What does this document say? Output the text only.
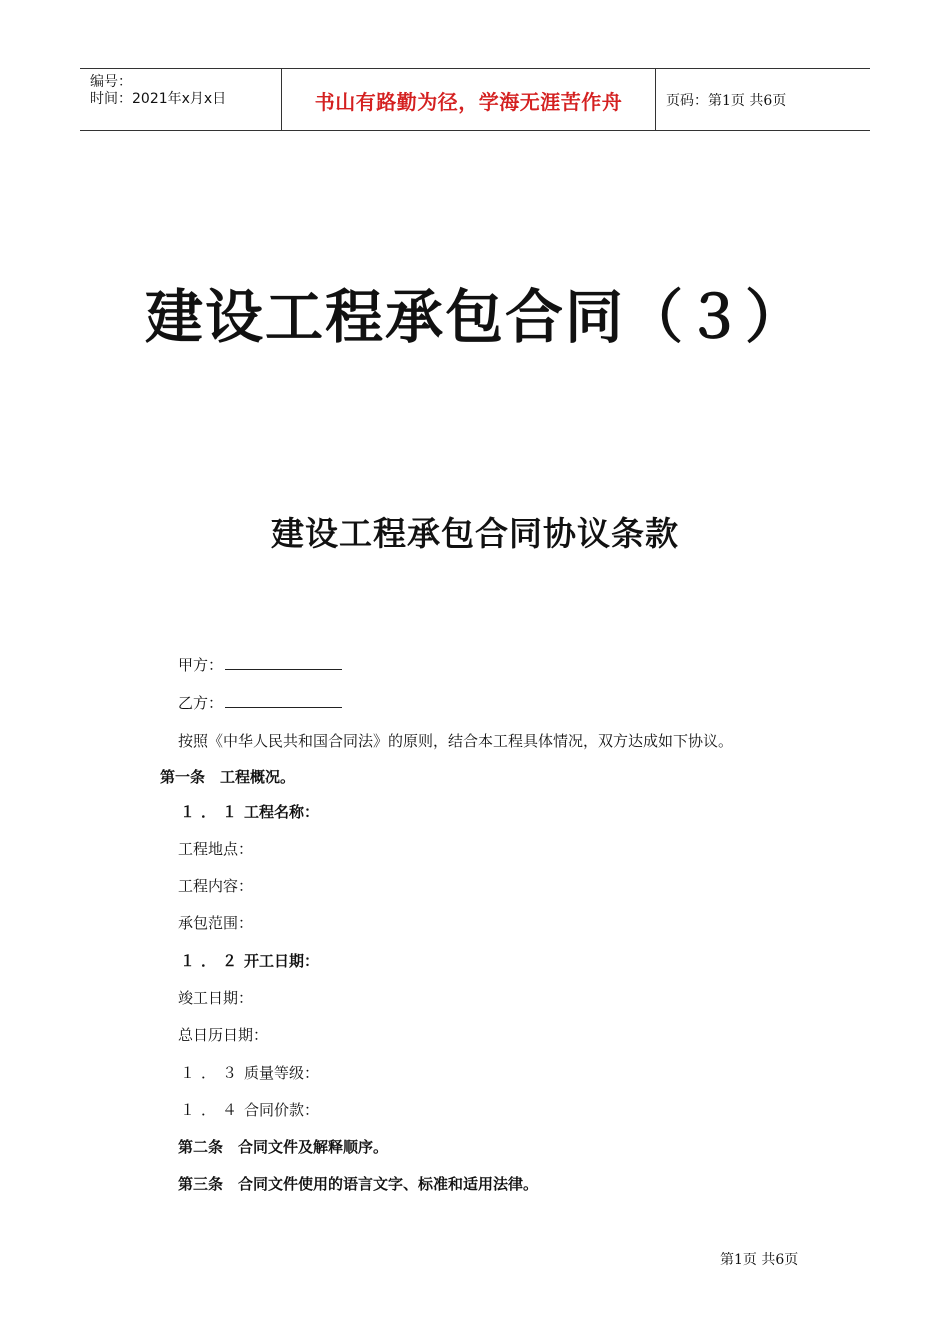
编号：
时间：2021年x月x日	书山有路勤为径，学海无涯苦作舟	页码：第1页 共6页
建设工程承包合同（３）
建设工程承包合同协议条款
甲方：
乙方：
按照《中华人民共和国合同法》的原则，结合本工程具体情况，双方达成如下协议。
第一条　工程概况。
１．１工程名称：
工程地点：
工程内容：
承包范围：
１．２开工日期：
竣工日期：
总日历日期：
１．３质量等级：
１．４合同价款：
第二条　合同文件及解释顺序。
第三条　合同文件使用的语言文字、标准和适用法律。
第1页 共6页
